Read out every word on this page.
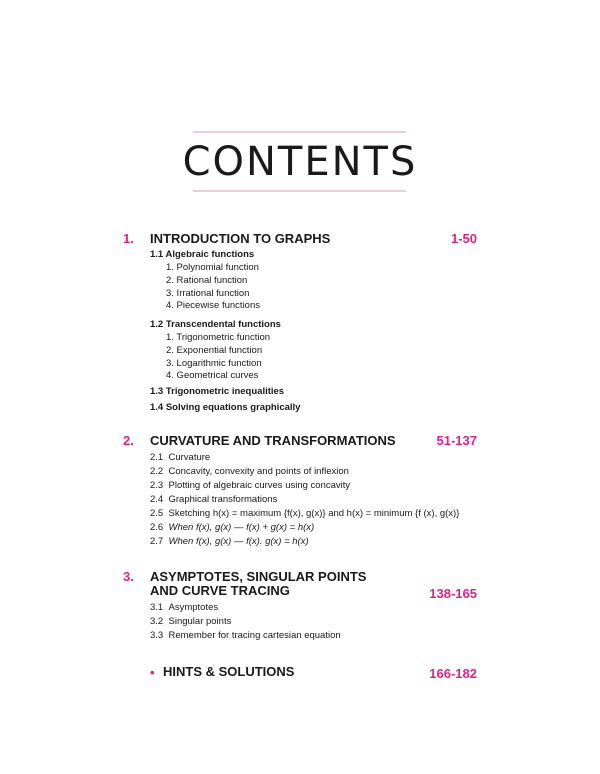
CONTENTS
1. INTRODUCTION TO GRAPHS	1-50
1.1 Algebraic functions
1. Polynomial function
2. Rational function
3. Irrational function
4. Piecewise functions
1.2 Transcendental functions
1. Trigonometric function
2. Exponential function
3. Logarithmic function
4. Geometrical curves
1.3 Trigonometric inequalities
1.4 Solving equations graphically
2. CURVATURE AND TRANSFORMATIONS	51-137
2.1 Curvature
2.2 Concavity, convexity and points of inflexion
2.3 Plotting of algebraic curves using concavity
2.4 Graphical transformations
2.5 Sketching h(x) = maximum {f(x), g(x)} and h(x) = minimum {f (x), g(x)}
2.6 When f(x), g(x) — f(x) + g(x) = h(x)
2.7 When f(x), g(x) — f(x). g(x) = h(x)
3. ASYMPTOTES, SINGULAR POINTS
AND CURVE TRACING	138-165
3.1 Asymptotes
3.2 Singular points
3.3 Remember for tracing cartesian equation
• HINTS & SOLUTIONS	166-182
